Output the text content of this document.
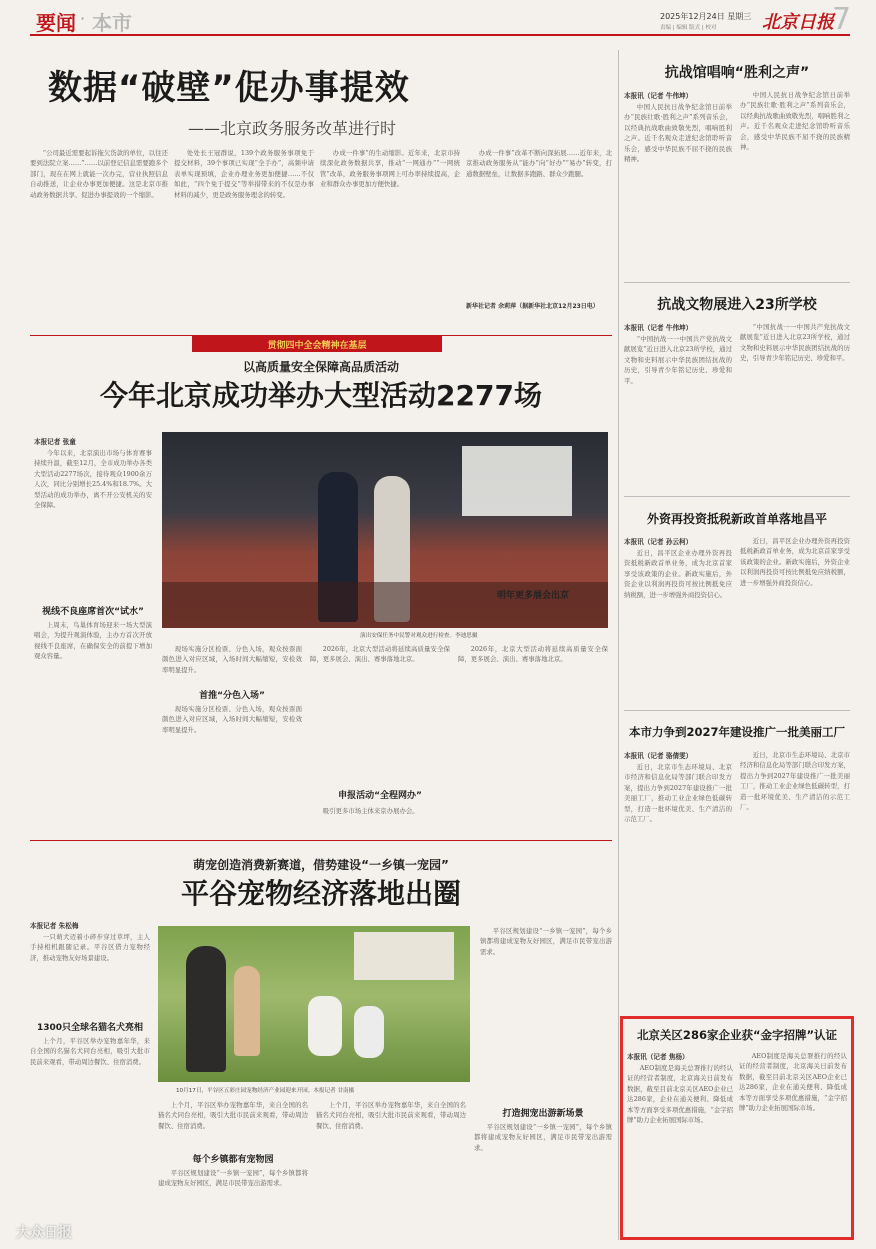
要闻 · 本市	2025年12月24日 星期三
责编 | 编辑 版式 | 校对	北京日报
7
数据“破壁”促办事提效
——北京政务服务改革进行时

“公司最近需要起诉拖欠货款的单位，以往还要到法院立案……”……以前登记信息需要跑多个部门，现在在网上就能一次办完，营业执照信息自动推送，让企业办事更加便捷。这是北京市推动政务数据共享、促进办事提效的一个缩影。

处处长王冠群说，139个政务服务事项免于提交材料，39个事项已实现“全手办”，高频申请表单实现预填，企业办理业务更加便捷……不仅如此，“四个免于提交”等举措带来的不仅是办事材料的减少，更是政务服务理念的转变。

办成一件事”的生动缩影。近年来，北京市持续深化政务数据共享，推动“一网通办”“一网统管”改革，政务服务事项网上可办率持续提高，企业和群众办事更加方便快捷。

办成一件事”改革不断向深拓展……近年来，北京推动政务服务从“能办”向“好办”“易办”转变，打通数据壁垒，让数据多跑路、群众少跑腿。

新华社记者 余莉萍（据新华社北京12月23日电）
贯彻四中全会精神在基层
以高质量安全保障高品质活动
今年北京成功举办大型活动2277场
本报记者 张童

今年以来，北京演出市场与体育赛事持续升温，截至12月，全市成功举办各类大型活动2277场次，接待观众1900余万人次，同比分别增长25.4%和18.7%。大型活动的成功举办，离不开公安机关的安全保障。

演出安保任务中民警对观众进行检查。李迪思摄
视线不良座席首次“试水”

上周末，鸟巢体育场迎来一场大型演唱会，为提升观演体验，主办方首次开放视线不良座席，在确保安全的前提下增加观众容量。

现场实施分区检票、分色入场，观众按票面颜色进入对应区域，入场时间大幅缩短，安检效率明显提升。

首推“分色入场”

现场实施分区检票、分色入场，观众按票面颜色进入对应区域，入场时间大幅缩短，安检效率明显提升。

2026年，北京大型活动将延续高质量安全保障，更多展会、演出、赛事落地北京。

申报活动“全程网办”

吸引更多市场主体来京办展办会。

明年更多展会出京

2026年，北京大型活动将延续高质量安全保障，更多展会、演出、赛事落地北京。

萌宠创造消费新赛道，借势建设“一乡镇一宠园”
平谷宠物经济落地出圈
本报记者 朱松梅

一只萌犬迈着小碎步穿过草坪，主人手持相机跟随记录。平谷区借力宠物经济，推动宠物友好场景建设。

1300只全球名猫名犬亮相

上个月，平谷区举办宠物嘉年华，来自全国的名猫名犬同台亮相，吸引大批市民前来观看，带动周边餐饮、住宿消费。

10月17日，平谷区五彩庄园宠物经济产业园迎来开园。本报记者 甘南摄

平谷区规划建设“一乡镇一宠园”，每个乡镇都将建成宠物友好园区，满足市民带宠出游需求。

每个乡镇都有宠物园

平谷区规划建设“一乡镇一宠园”，每个乡镇都将建成宠物友好园区，满足市民带宠出游需求。

上个月，平谷区举办宠物嘉年华，来自全国的名猫名犬同台亮相，吸引大批市民前来观看，带动周边餐饮、住宿消费。

上个月，平谷区举办宠物嘉年华，来自全国的名猫名犬同台亮相，吸引大批市民前来观看，带动周边餐饮、住宿消费。

打造拥宠出游新场景

平谷区规划建设“一乡镇一宠园”，每个乡镇都将建成宠物友好园区，满足市民带宠出游需求。

抗战馆唱响“胜利之声”
本报讯（记者 牛伟坤）

中国人民抗日战争纪念馆日前举办“民族壮歌·胜利之声”系列音乐会，以经典抗战歌曲致敬先烈，唱响胜利之声。近千名观众走进纪念馆聆听音乐会，感受中华民族不屈不挠的民族精神。

中国人民抗日战争纪念馆日前举办“民族壮歌·胜利之声”系列音乐会，以经典抗战歌曲致敬先烈，唱响胜利之声。近千名观众走进纪念馆聆听音乐会，感受中华民族不屈不挠的民族精神。

抗战文物展进入23所学校
本报讯（记者 牛伟坤）

“中国抗战一一中国共产党抗战文献展览”近日进入北京23所学校，通过文物和史料展示中华民族团结抗战的历史，引导青少年铭记历史、珍爱和平。

“中国抗战一一中国共产党抗战文献展览”近日进入北京23所学校，通过文物和史料展示中华民族团结抗战的历史，引导青少年铭记历史、珍爱和平。

外资再投资抵税新政首单落地昌平
本报讯（记者 孙云柯）

近日，昌平区企业办理外资再投资抵税新政首单业务，成为北京首家享受该政策的企业。新政实施后，外资企业以利润再投资可按比例抵免应纳税额，进一步增强外商投资信心。

近日，昌平区企业办理外资再投资抵税新政首单业务，成为北京首家享受该政策的企业。新政实施后，外资企业以利润再投资可按比例抵免应纳税额，进一步增强外商投资信心。

本市力争到2027年建设推广一批美丽工厂
本报讯（记者 骆倩雯）

近日，北京市生态环境局、北京市经济和信息化局等部门联合印发方案，提出力争到2027年建设推广一批美丽工厂，推动工业企业绿色低碳转型，打造一批环境优美、生产清洁的示范工厂。

近日，北京市生态环境局、北京市经济和信息化局等部门联合印发方案，提出力争到2027年建设推广一批美丽工厂，推动工业企业绿色低碳转型，打造一批环境优美、生产清洁的示范工厂。

北京关区286家企业获“金字招牌”认证
本报讯（记者 焦杨）

AEO制度是海关总署推行的经认证的经营者制度，北京海关日前发布数据，截至目前北京关区AEO企业已达286家，企业在通关便利、降低成本等方面享受多项优惠措施，“金字招牌”助力企业拓展国际市场。

AEO制度是海关总署推行的经认证的经营者制度，北京海关日前发布数据，截至目前北京关区AEO企业已达286家，企业在通关便利、降低成本等方面享受多项优惠措施，“金字招牌”助力企业拓展国际市场。

大众日报
